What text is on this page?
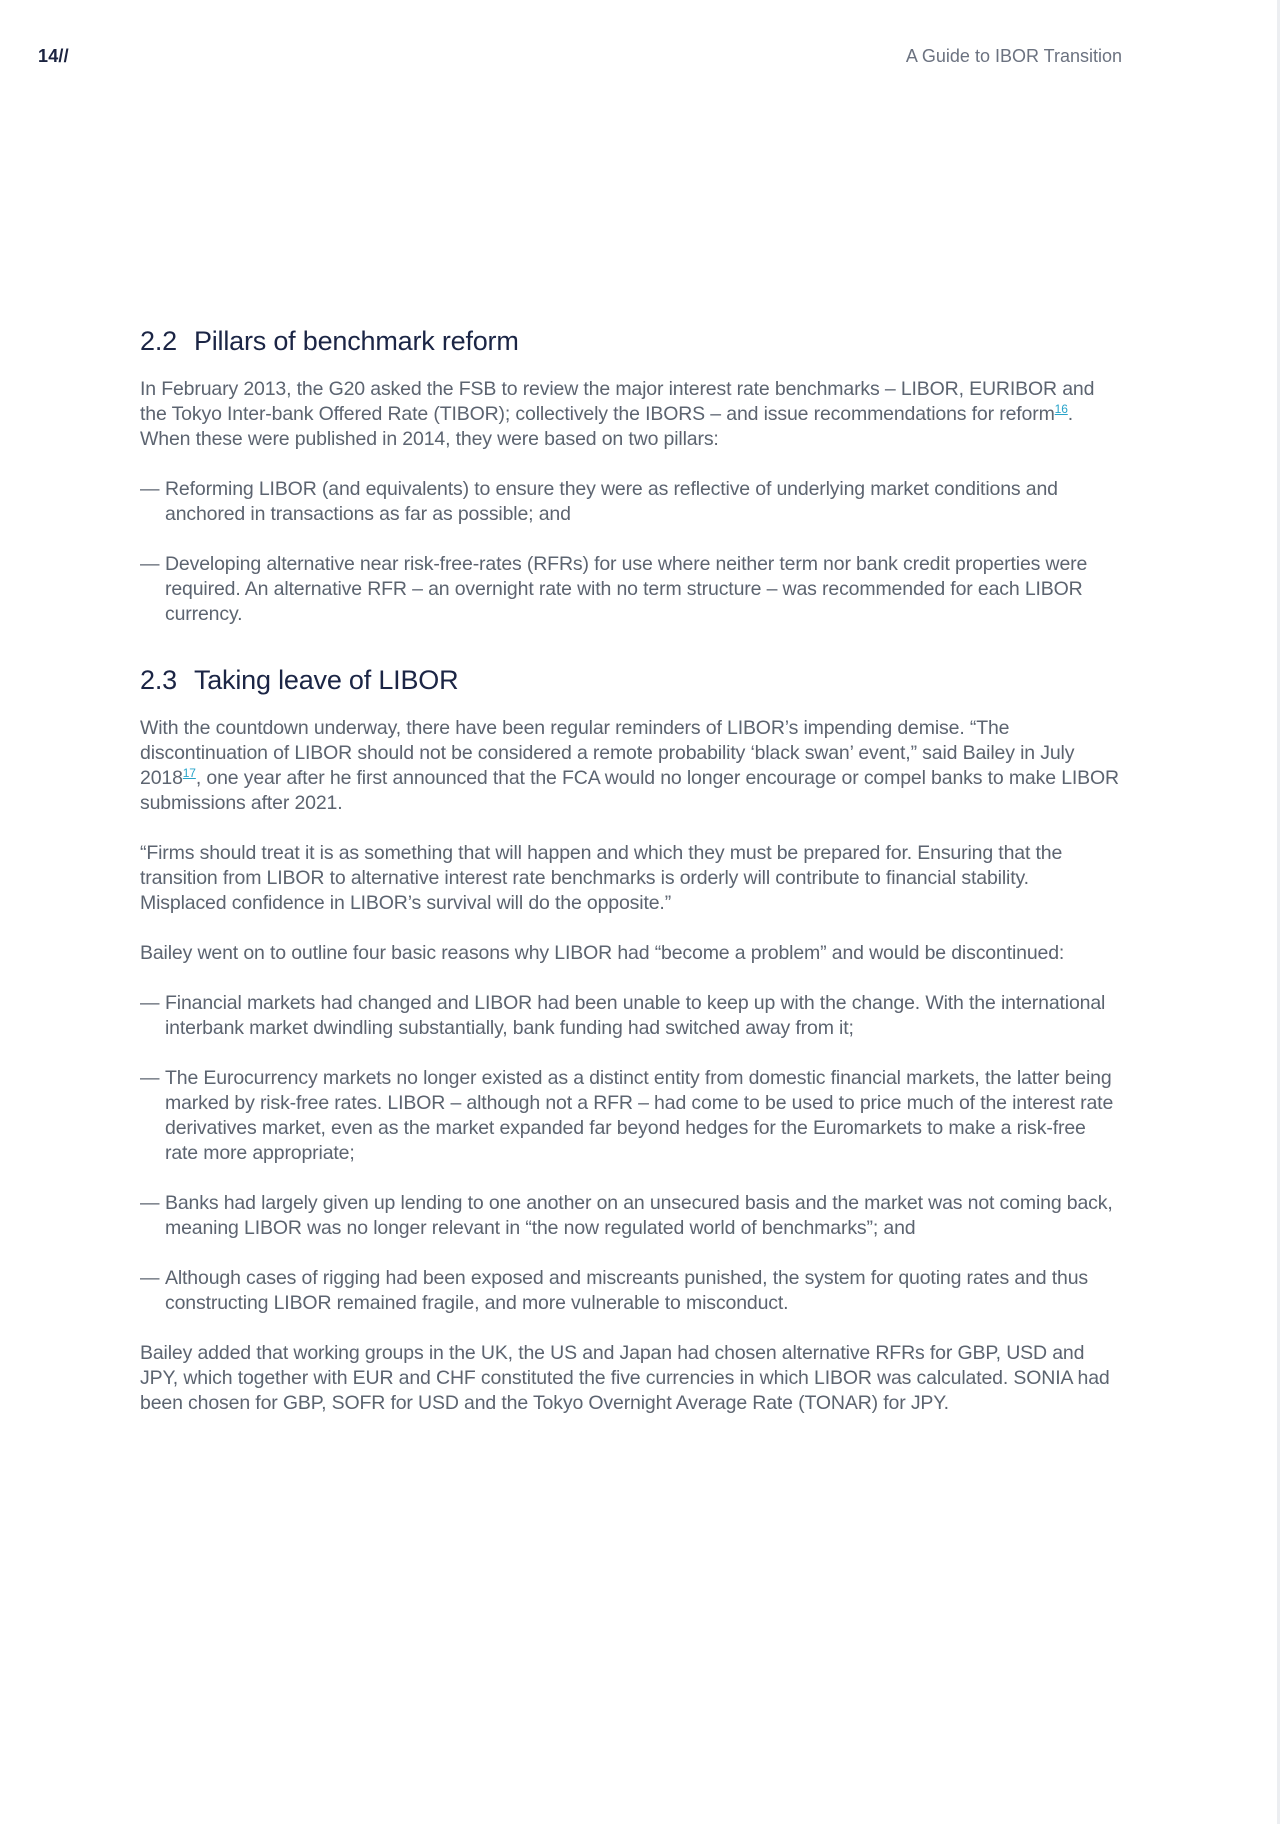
14//	A Guide to IBOR Transition
2.2 Pillars of benchmark reform

In February 2013, the G20 asked the FSB to review the major interest rate benchmarks – LIBOR, EURIBOR and the Tokyo Inter-bank Offered Rate (TIBOR); collectively the IBORS – and issue recommendations for reform$^{16}$. When these were published in 2014, they were based on two pillars:

— Reforming LIBOR (and equivalents) to ensure they were as reflective of underlying market conditions and anchored in transactions as far as possible; and
— Developing alternative near risk-free-rates (RFRs) for use where neither term nor bank credit properties were required. An alternative RFR – an overnight rate with no term structure – was recommended for each LIBOR currency.
2.3 Taking leave of LIBOR

With the countdown underway, there have been regular reminders of LIBOR’s impending demise. “The discontinuation of LIBOR should not be considered a remote probability ‘black swan’ event,” said Bailey in July 2018$^{17}$, one year after he first announced that the FCA would no longer encourage or compel banks to make LIBOR submissions after 2021.

“Firms should treat it is as something that will happen and which they must be prepared for. Ensuring that the transition from LIBOR to alternative interest rate benchmarks is orderly will contribute to financial stability. Misplaced confidence in LIBOR’s survival will do the opposite.”

Bailey went on to outline four basic reasons why LIBOR had “become a problem” and would be discontinued:

— Financial markets had changed and LIBOR had been unable to keep up with the change. With the international interbank market dwindling substantially, bank funding had switched away from it;
— The Eurocurrency markets no longer existed as a distinct entity from domestic financial markets, the latter being marked by risk-free rates. LIBOR – although not a RFR – had come to be used to price much of the interest rate derivatives market, even as the market expanded far beyond hedges for the Euromarkets to make a risk-free rate more appropriate;
— Banks had largely given up lending to one another on an unsecured basis and the market was not coming back, meaning LIBOR was no longer relevant in “the now regulated world of benchmarks”; and
— Although cases of rigging had been exposed and miscreants punished, the system for quoting rates and thus constructing LIBOR remained fragile, and more vulnerable to misconduct.

Bailey added that working groups in the UK, the US and Japan had chosen alternative RFRs for GBP, USD and JPY, which together with EUR and CHF constituted the five currencies in which LIBOR was calculated. SONIA had been chosen for GBP, SOFR for USD and the Tokyo Overnight Average Rate (TONAR) for JPY.
